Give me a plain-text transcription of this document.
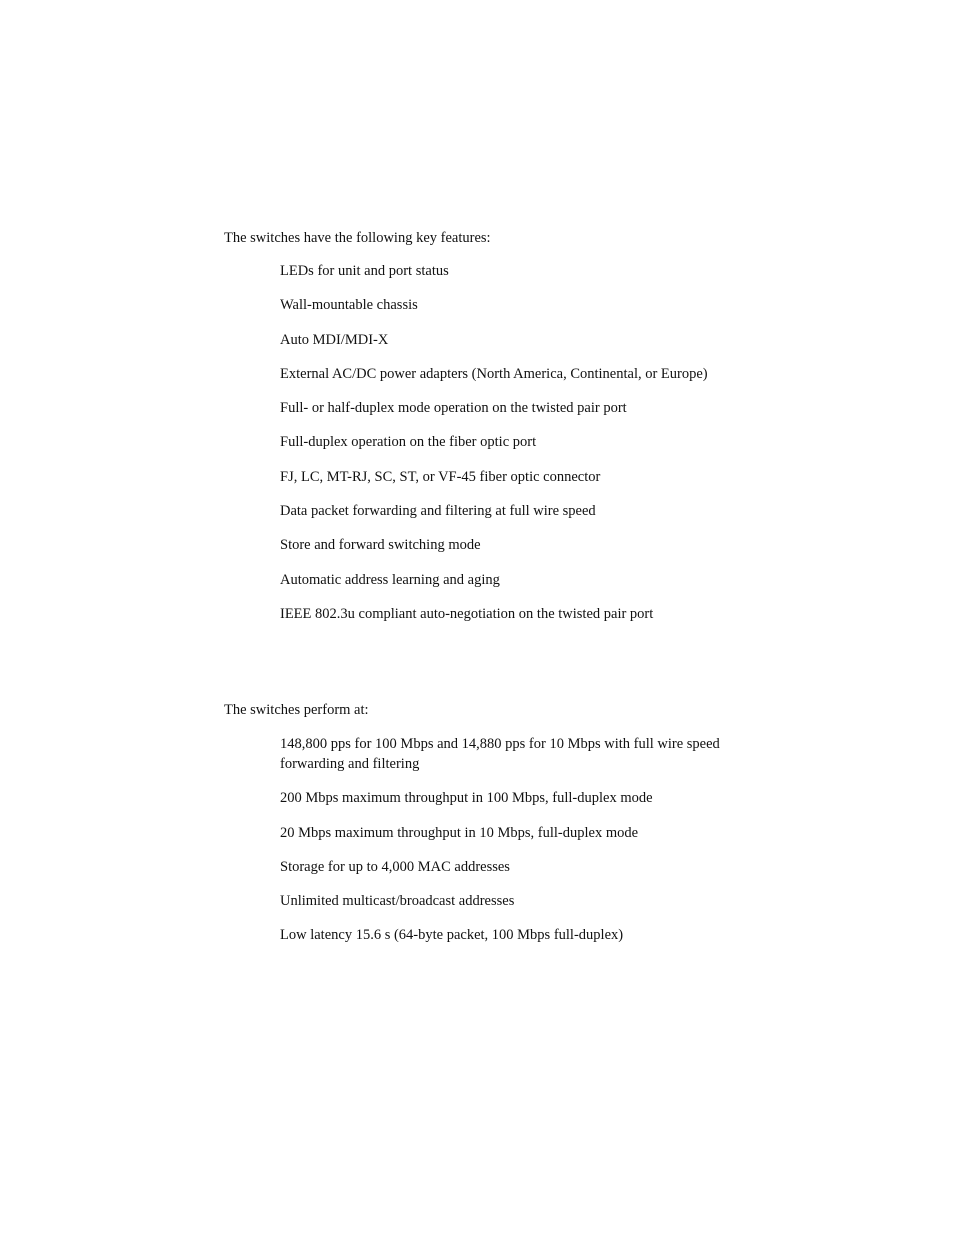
The switches have the following key features:

LEDs for unit and port status
Wall-mountable chassis
Auto MDI/MDI-X
External AC/DC power adapters (North America, Continental, or Europe)
Full- or half-duplex mode operation on the twisted pair port
Full-duplex operation on the fiber optic port
FJ, LC, MT-RJ, SC, ST, or VF-45 fiber optic connector
Data packet forwarding and filtering at full wire speed
Store and forward switching mode
Automatic address learning and aging
IEEE 802.3u compliant auto-negotiation on the twisted pair port

The switches perform at:

148,800 pps for 100 Mbps and 14,880 pps for 10 Mbps with full wire speed forwarding and filtering
200 Mbps maximum throughput in 100 Mbps, full-duplex mode
20 Mbps maximum throughput in 10 Mbps, full-duplex mode
Storage for up to 4,000 MAC addresses
Unlimited multicast/broadcast addresses
Low latency 15.6 s (64-byte packet, 100 Mbps full-duplex)
